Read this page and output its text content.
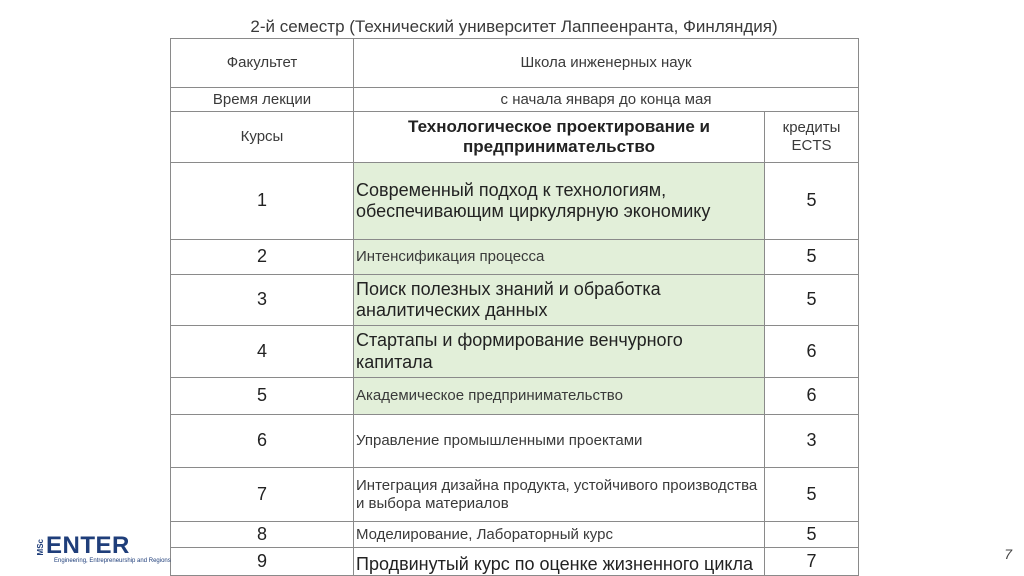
2-й семестр (Технический университет Лаппеенранта, Финляндия)
Факультет	Школа инженерных наук	
Время лекции	с начала января до конца мая	
Курсы	Технологическое проектирование и предпринимательство	кредиты ECTS
1	Современный подход к технологиям, обеспечивающим циркулярную экономику	5
2	Интенсификация процесса	5
3	Поиск полезных знаний и обработка аналитических данных	5
4	Стартапы и формирование венчурного капитала	6
5	Академическое предпринимательство	6
6	Управление промышленными проектами	3
7	Интеграция дизайна продукта, устойчивого производства и выбора материалов	5
8	Моделирование, Лабораторный курс	5
9	Продвинутый курс по оценке жизненного цикла	7
MSc ENTER
Engineering, Entrepreneurship and Regions	7
